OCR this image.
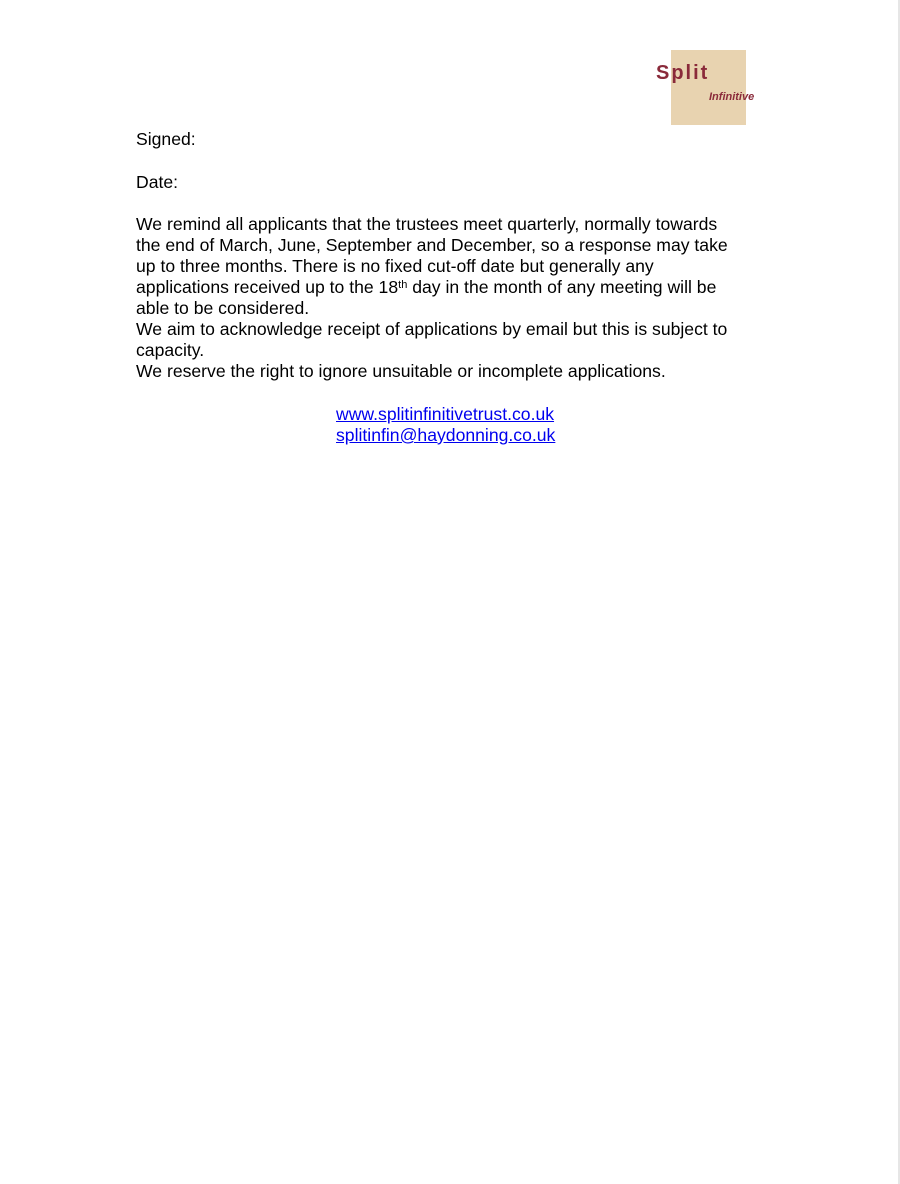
Split
Infinitive
Signed:
Date:
We remind all applicants that the trustees meet quarterly, normally towards
the end of March, June, September and December, so a response may take
up to three months. There is no fixed cut-off date but generally any
applications received up to the 18th day in the month of any meeting will be
able to be considered.
We aim to acknowledge receipt of applications by email but this is subject to
capacity.
We reserve the right to ignore unsuitable or incomplete applications.
www.splitinfinitivetrust.co.uk
splitinfin@haydonning.co.uk
